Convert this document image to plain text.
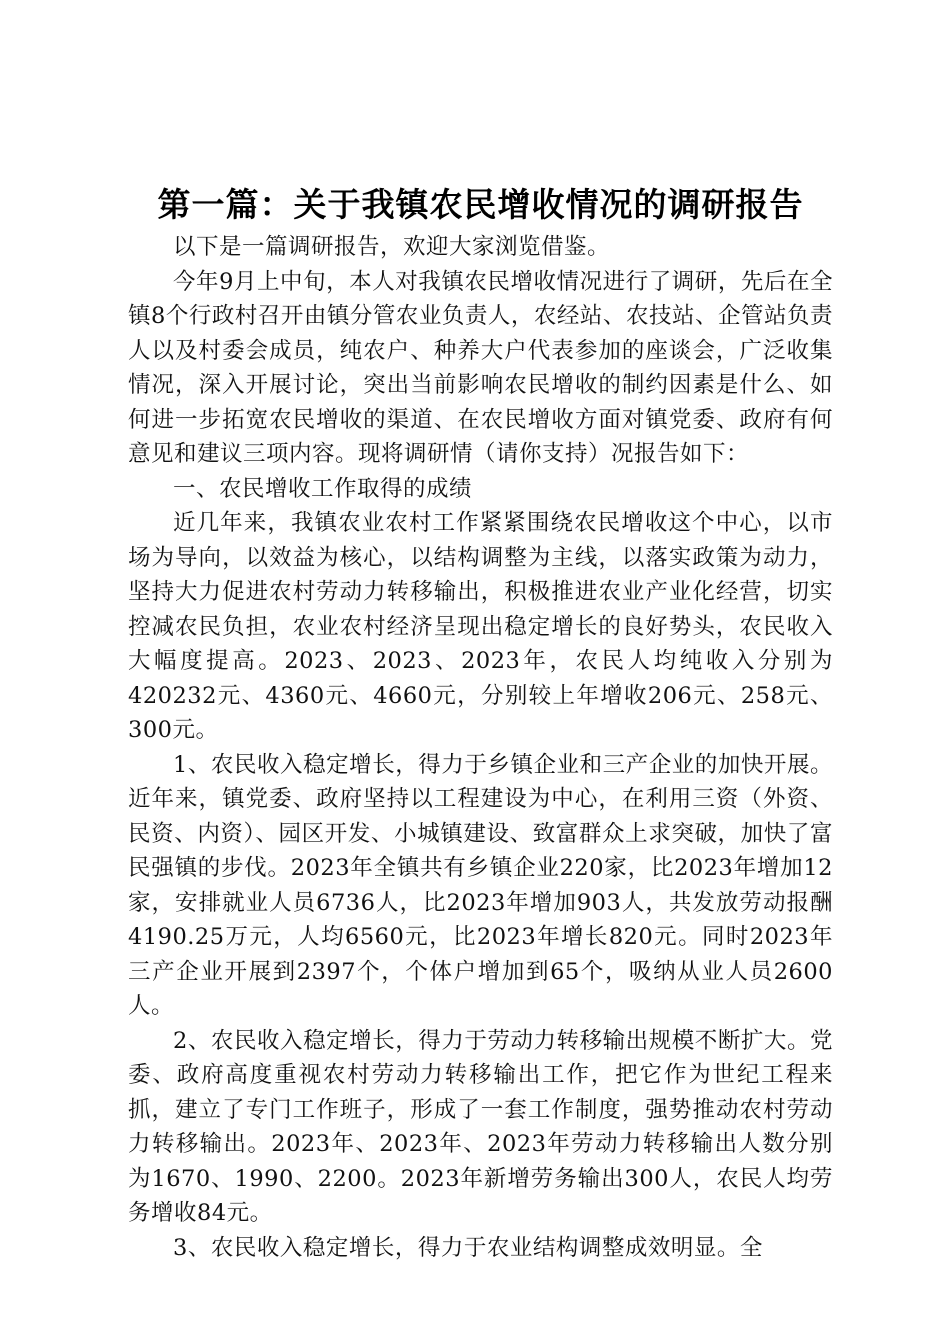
第一篇：关于我镇农民增收情况的调研报告

以下是一篇调研报告，欢迎大家浏览借鉴。

今年9月上中旬，本人对我镇农民增收情况进行了调研，先后在全镇8个行政村召开由镇分管农业负责人，农经站、农技站、企管站负责人以及村委会成员，纯农户、种养大户代表参加的座谈会，广泛收集情况，深入开展讨论，突出当前影响农民增收的制约因素是什么、如何进一步拓宽农民增收的渠道、在农民增收方面对镇党委、政府有何意见和建议三项内容。现将调研情（请你支持）况报告如下：

一、农民增收工作取得的成绩

近几年来，我镇农业农村工作紧紧围绕农民增收这个中心，以市场为导向，以效益为核心，以结构调整为主线，以落实政策为动力，坚持大力促进农村劳动力转移输出，积极推进农业产业化经营，切实控减农民负担，农业农村经济呈现出稳定增长的良好势头，农民收入大幅度提高。2023、2023、2023年，农民人均纯收入分别为420232元、4360元、4660元，分别较上年增收206元、258元、300元。

1、农民收入稳定增长，得力于乡镇企业和三产企业的加快开展。近年来，镇党委、政府坚持以工程建设为中心，在利用三资（外资、民资、内资）、园区开发、小城镇建设、致富群众上求突破，加快了富民强镇的步伐。2023年全镇共有乡镇企业220家，比2023年增加12家，安排就业人员6736人，比2023年增加903人，共发放劳动报酬4190.25万元，人均6560元，比2023年增长820元。同时2023年三产企业开展到2397个，个体户增加到65个，吸纳从业人员2600人。

2、农民收入稳定增长，得力于劳动力转移输出规模不断扩大。党委、政府高度重视农村劳动力转移输出工作，把它作为世纪工程来抓，建立了专门工作班子，形成了一套工作制度，强势推动农村劳动力转移输出。2023年、2023年、2023年劳动力转移输出人数分别为1670、1990、2200。2023年新增劳务输出300人，农民人均劳务增收84元。

3、农民收入稳定增长，得力于农业结构调整成效明显。全
